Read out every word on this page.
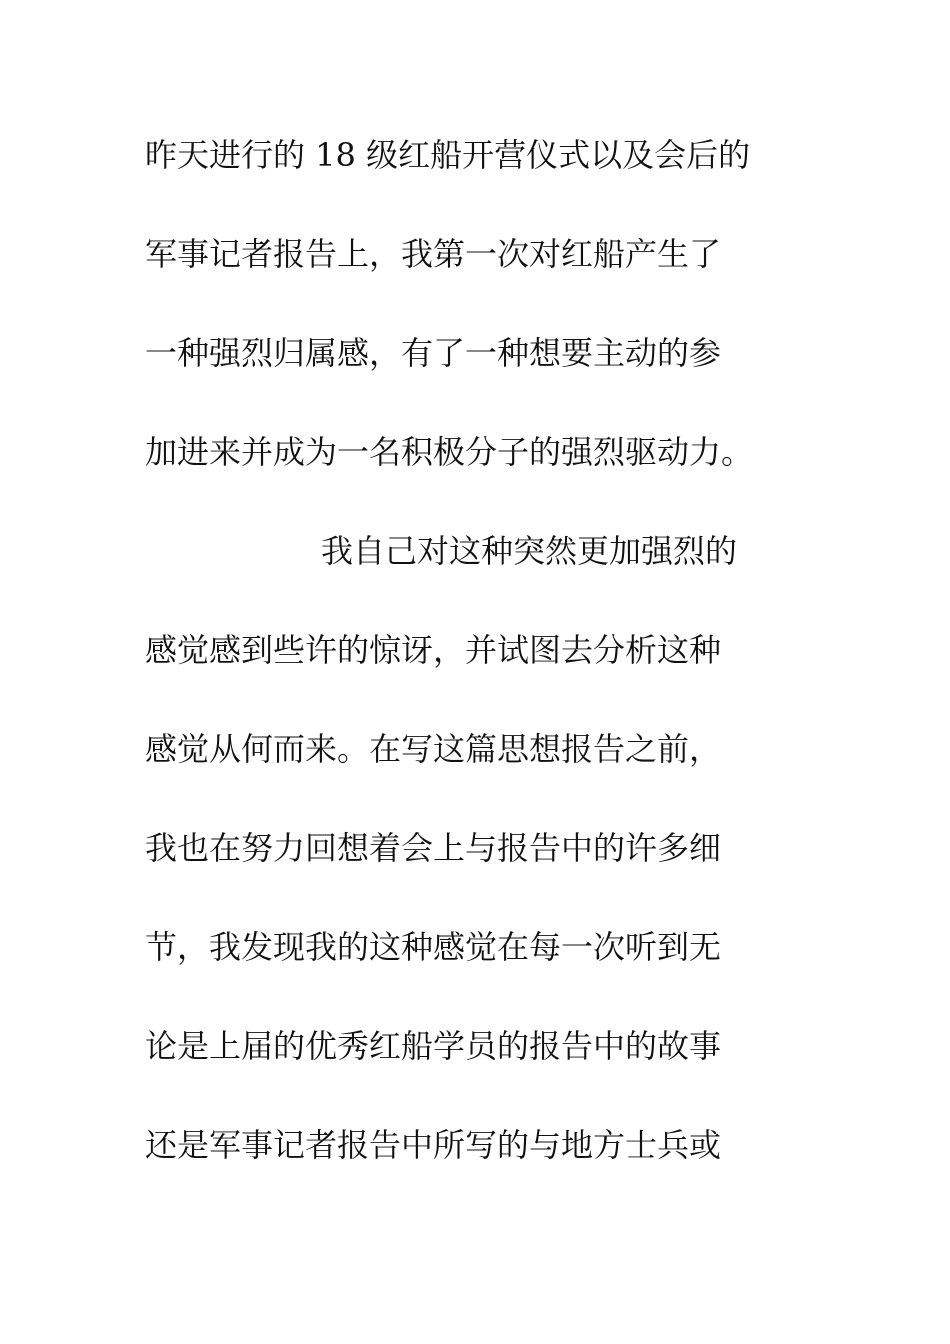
昨天进行的 18 级红船开营仪式以及会后的
军事记者报告上，我第一次对红船产生了
一种强烈归属感，有了一种想要主动的参
加进来并成为一名积极分子的强烈驱动力。
我自己对这种突然更加强烈的
感觉感到些许的惊讶，并试图去分析这种
感觉从何而来。在写这篇思想报告之前，
我也在努力回想着会上与报告中的许多细
节，我发现我的这种感觉在每一次听到无
论是上届的优秀红船学员的报告中的故事
还是军事记者报告中所写的与地方士兵或
